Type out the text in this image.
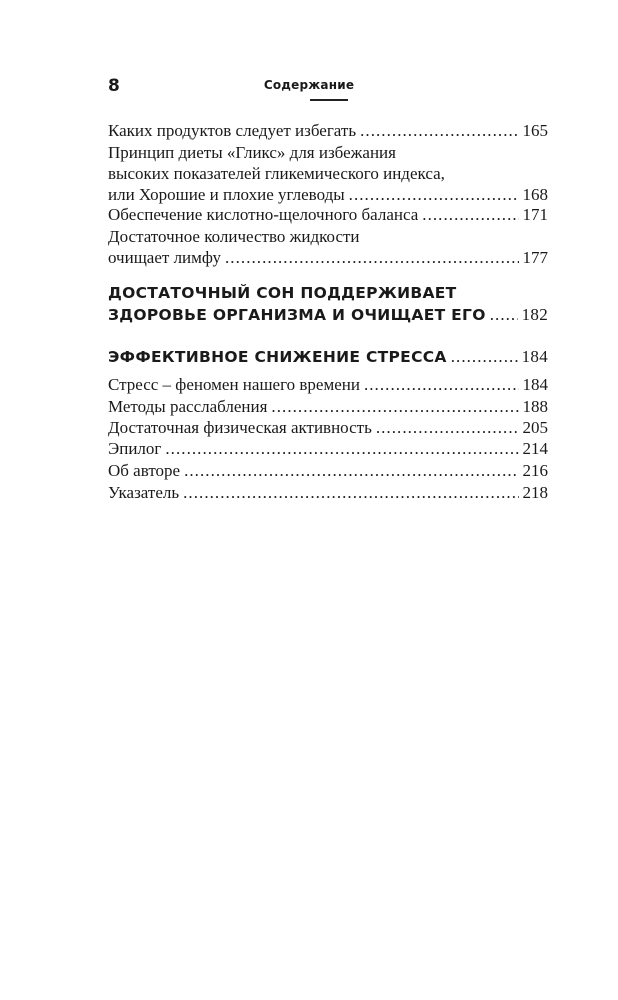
8	Содержание
Каких продуктов следует избегать . . .	165
Принцип диеты «Гликс» для избежания
высоких показателей гликемического индекса,
или Хорошие и плохие углеводы . . .	168
Обеспечение кислотно-щелочного баланса . . .	171
Достаточное количество жидкости
очищает лимфу . . .	177
ДОСТАТОЧНЫЙ СОН ПОДДЕРЖИВАЕТ
ЗДОРОВЬЕ ОРГАНИЗМА И ОЧИЩАЕТ ЕГО . . . 182
ЭФФЕКТИВНОЕ СНИЖЕНИЕ СТРЕССА . . .	184
Стресс – феномен нашего времени . . .	184
Методы расслабления . . .	188
Достаточная физическая активность . . .	205
Эпилог . . .	214
Об авторе . . .	216
Указатель . . .	218
